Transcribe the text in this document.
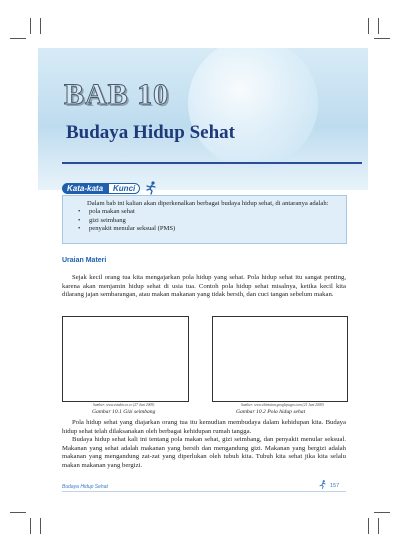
BAB 10
Budaya Hidup Sehat
Kata-kata	Kunci

Dalam bab ini kalian akan diperkenalkan berbagai budaya hidup sehat, di antaranya adalah:

• pola makan sehat
• gizi seimbang
• penyakit menular seksual (PMS)
Uraian Materi

Sejak kecil orang tua kita mengajarkan pola hidup yang sehat. Pola hidup sehat itu sangat penting, karena akan menjamin hidup sehat di usia tua. Contoh pola hidup sehat misalnya, ketika kecil kita dilarang jajan sembarangan, atau makan makanan yang tidak bersih, dan cuci tangan sebelum makan.

Sumber: www.estabis.co.cc (27 Juni 2009)	Sumber: www.eltintatan.googlepages.com (21 Juni 2009)
Gambar 10.1 Gizi seimbang	Gambar 10.2 Pola hidup sehat

Pola hidup sehat yang diajarkan orang tua itu kemudian membudaya dalam kehidupan kita. Budaya hidup sehat telah dilaksanakan oleh berbagai kehidupan rumah tangga.
Budaya hidup sehat kali ini tentang pola makan sehat, gizi seimbang, dan penyakit menular seksual. Makanan yang sehat adalah makanan yang bersih dan mengandung gizi. Makanan yang bergizi adalah makanan yang mengandung zat-zat yang diperlukan oleh tubuh kita. Tubuh kita sehat jika kita selalu makan makanan yang bergizi.

Budaya Hidup Sehat	157
